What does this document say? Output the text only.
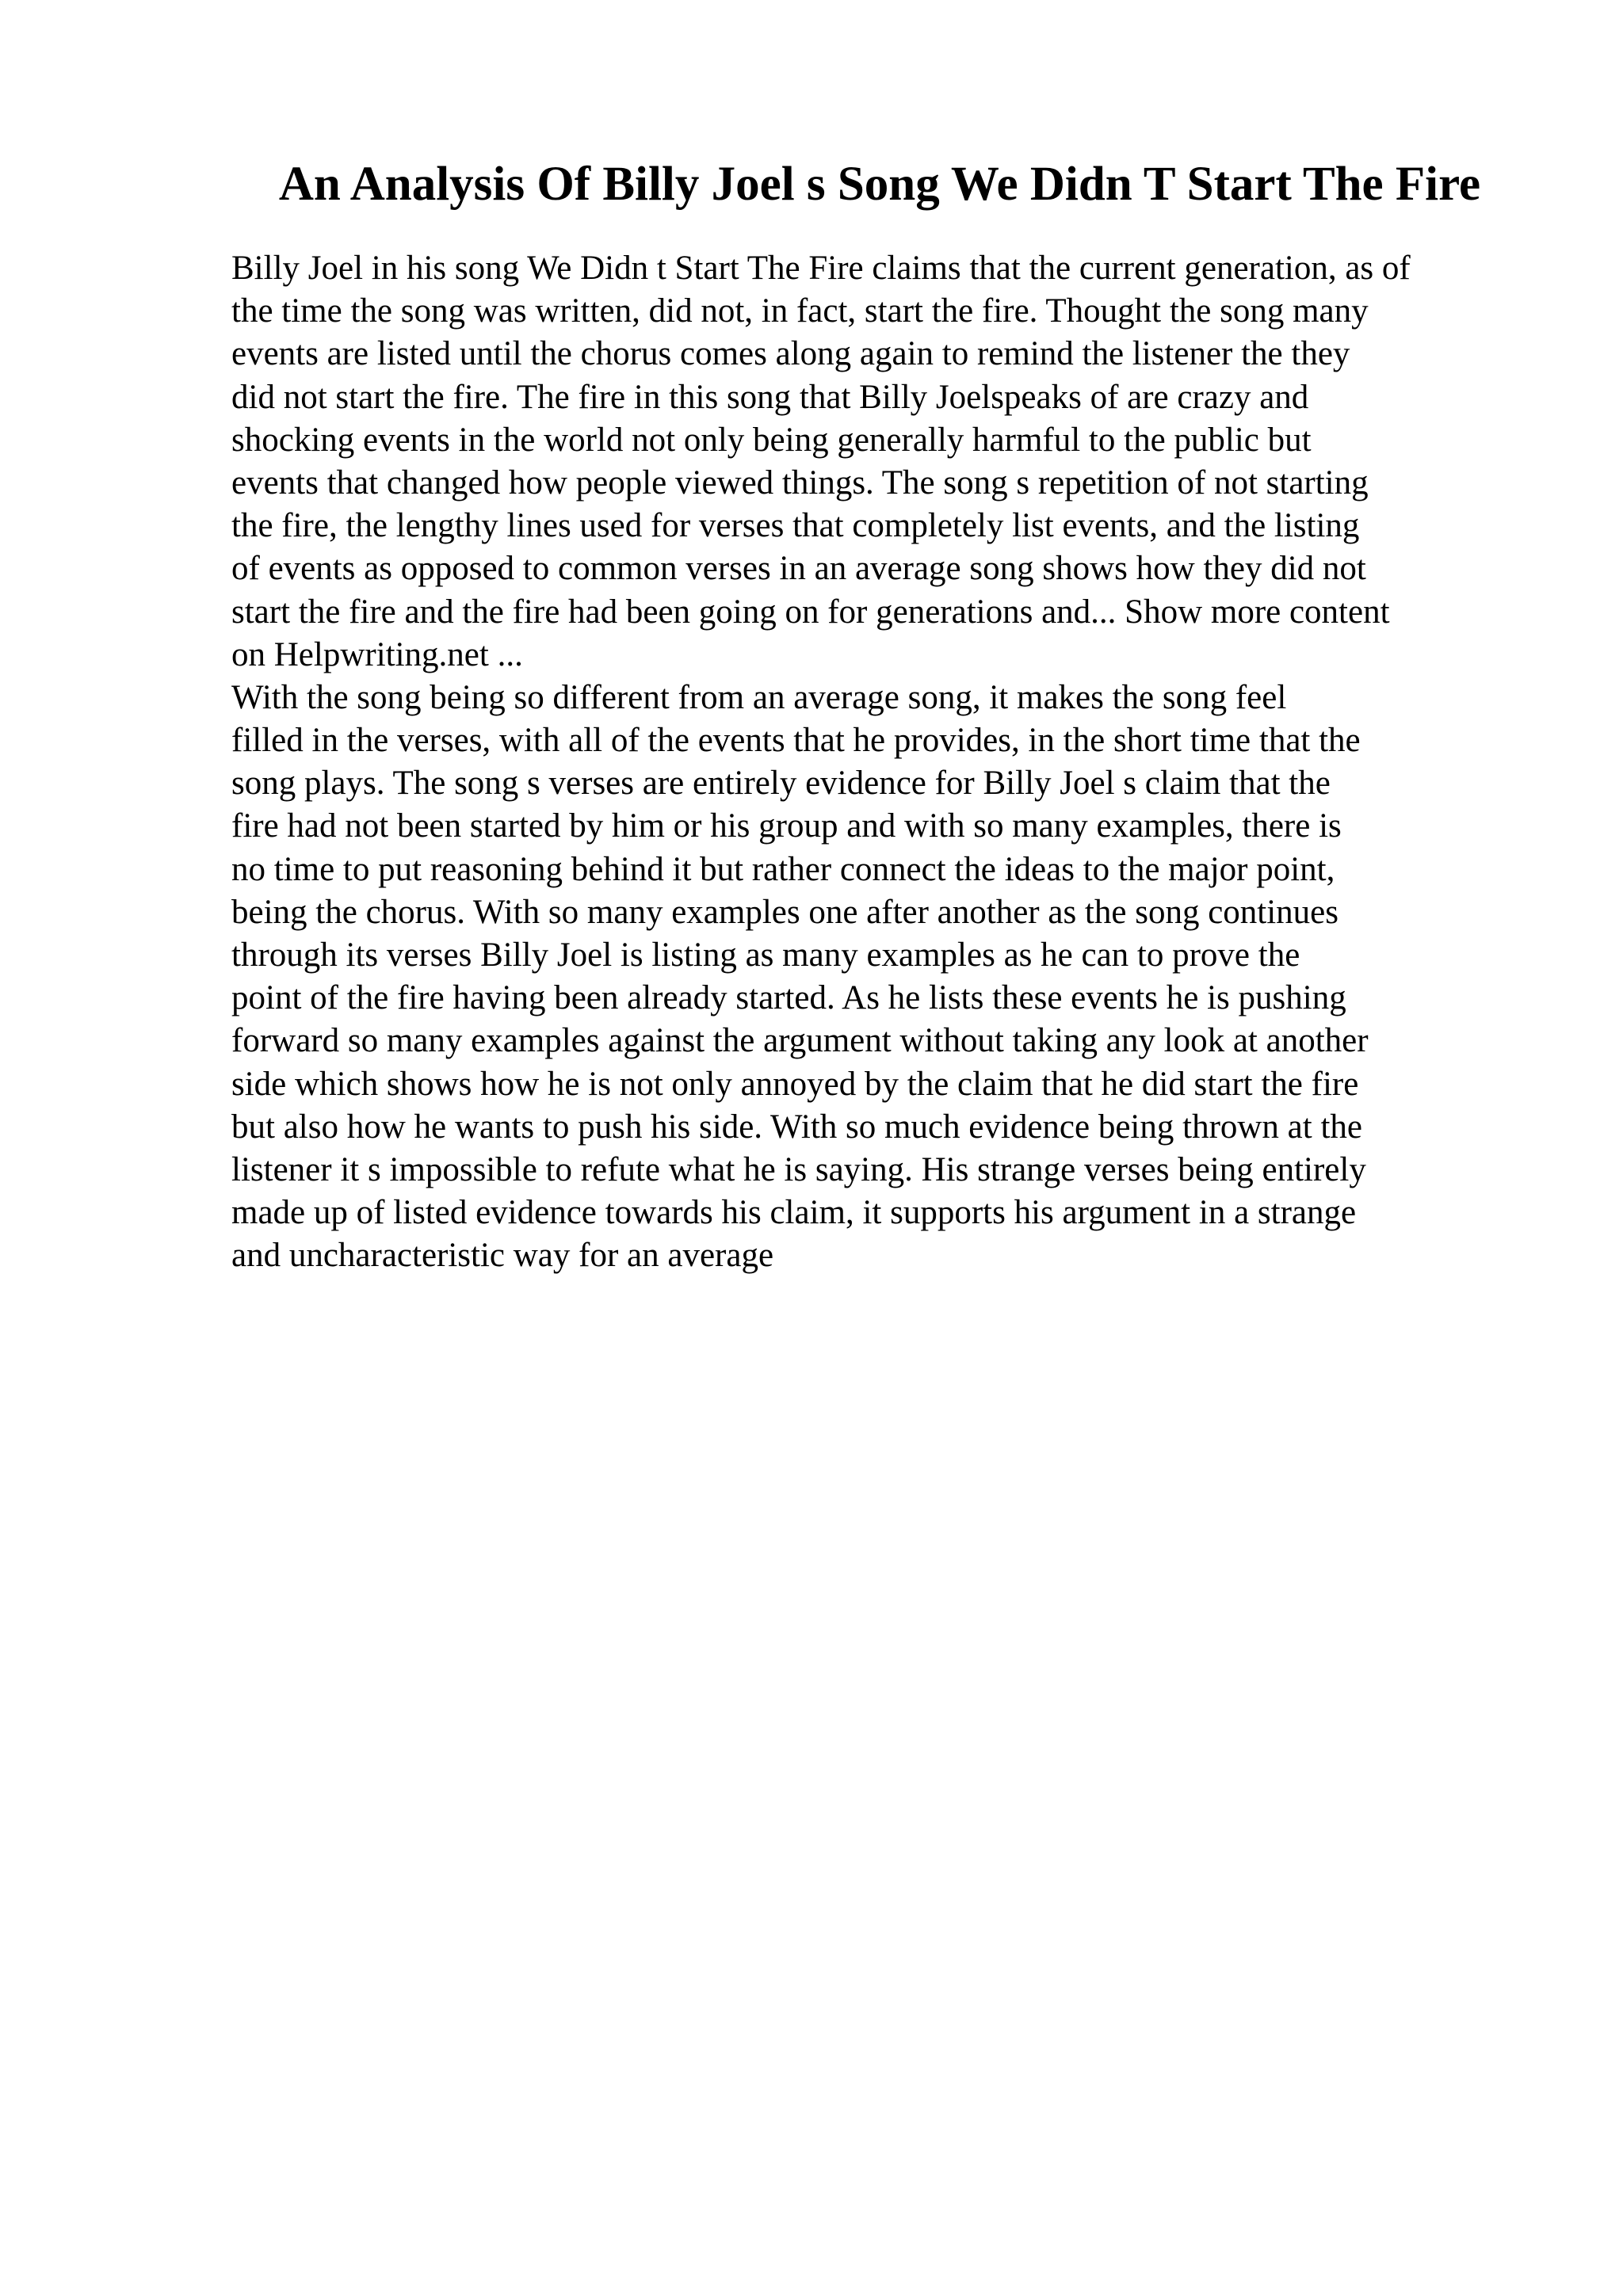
An Analysis Of Billy Joel s Song We Didn T Start The Fire
Billy Joel in his song We Didn t Start The Fire claims that the current generation, as of
the time the song was written, did not, in fact, start the fire. Thought the song many
events are listed until the chorus comes along again to remind the listener the they
did not start the fire. The fire in this song that Billy Joelspeaks of are crazy and
shocking events in the world not only being generally harmful to the public but
events that changed how people viewed things. The song s repetition of not starting
the fire, the lengthy lines used for verses that completely list events, and the listing
of events as opposed to common verses in an average song shows how they did not
start the fire and the fire had been going on for generations and... Show more content
on Helpwriting.net ...
With the song being so different from an average song, it makes the song feel
filled in the verses, with all of the events that he provides, in the short time that the
song plays. The song s verses are entirely evidence for Billy Joel s claim that the
fire had not been started by him or his group and with so many examples, there is
no time to put reasoning behind it but rather connect the ideas to the major point,
being the chorus. With so many examples one after another as the song continues
through its verses Billy Joel is listing as many examples as he can to prove the
point of the fire having been already started. As he lists these events he is pushing
forward so many examples against the argument without taking any look at another
side which shows how he is not only annoyed by the claim that he did start the fire
but also how he wants to push his side. With so much evidence being thrown at the
listener it s impossible to refute what he is saying. His strange verses being entirely
made up of listed evidence towards his claim, it supports his argument in a strange
and uncharacteristic way for an average
